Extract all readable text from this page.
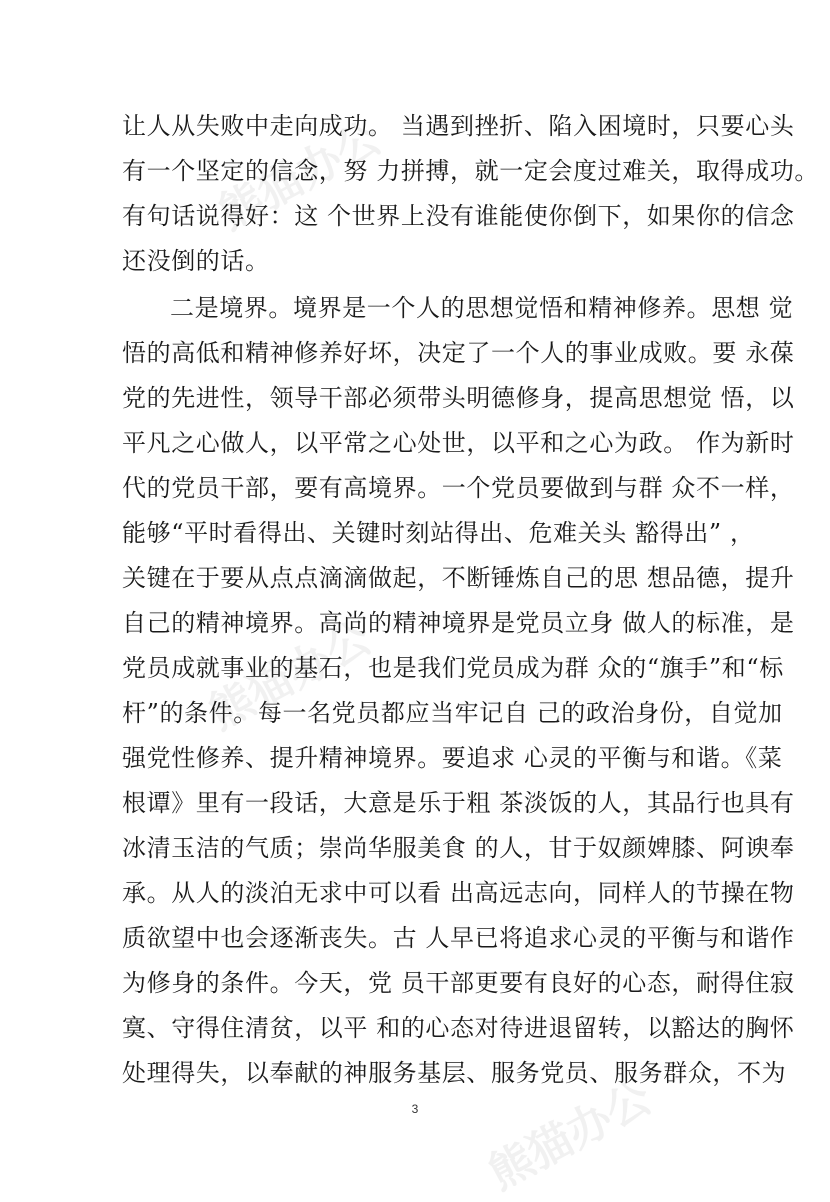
熊猫办公
熊猫办公
熊猫办公
让人从失败中走向成功。 当遇到挫折、陷入困境时，只要心头
有一个坚定的信念，努 力拼搏，就一定会度过难关，取得成功。
有句话说得好：这 个世界上没有谁能使你倒下，如果你的信念
还没倒的话。
二是境界。境界是一个人的思想觉悟和精神修养。思想 觉
悟的高低和精神修养好坏，决定了一个人的事业成败。要 永葆
党的先进性，领导干部必须带头明德修身，提高思想觉 悟，以
平凡之心做人，以平常之心处世，以平和之心为政。 作为新时
代的党员干部，要有高境界。一个党员要做到与群 众不一样，
能够“平时看得出、关键时刻站得出、危难关头 豁得出” ，
关键在于要从点点滴滴做起，不断锤炼自己的思 想品德，提升
自己的精神境界。高尚的精神境界是党员立身 做人的标准，是
党员成就事业的基石，也是我们党员成为群 众的“旗手”和“标
杆”的条件。每一名党员都应当牢记自 己的政治身份，自觉加
强党性修养、提升精神境界。要追求 心灵的平衡与和谐。《菜
根谭》里有一段话，大意是乐于粗 茶淡饭的人，其品行也具有
冰清玉洁的气质；崇尚华服美食 的人，甘于奴颜婢膝、阿谀奉
承。从人的淡泊无求中可以看 出高远志向，同样人的节操在物
质欲望中也会逐渐丧失。古 人早已将追求心灵的平衡与和谐作
为修身的条件。今天，党 员干部更要有良好的心态，耐得住寂
寞、守得住清贫，以平 和的心态对待进退留转，以豁达的胸怀
处理得失，以奉献的神服务基层、服务党员、服务群众，不为
3
